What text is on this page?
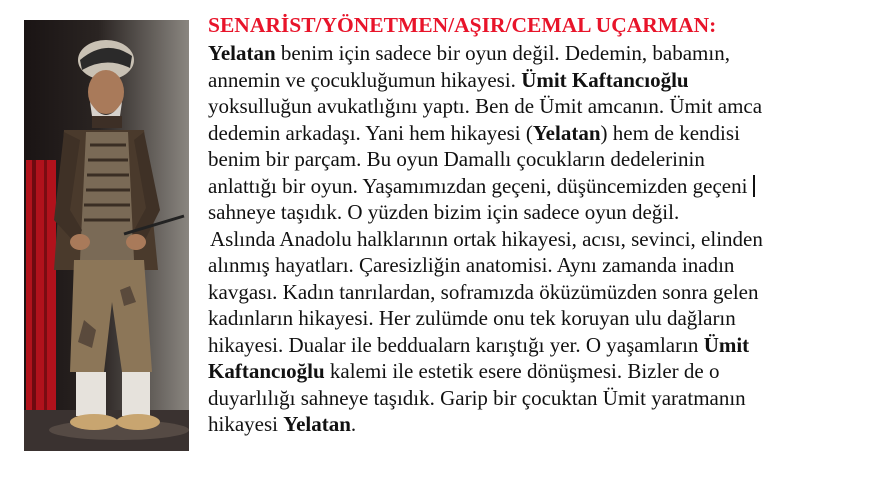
SENARİST/YÖNETMEN/AŞIR/CEMAL UÇARMAN:
Yelatan benim için sadece bir oyun değil. Dedemin, babamın,
annemin ve çocukluğumun hikayesi. Ümit Kaftancıoğlu
yoksulluğun avukatlığını yaptı. Ben de Ümit amcanın. Ümit amca
dedemin arkadaşı. Yani hem hikayesi (Yelatan) hem de kendisi
benim bir parçam. Bu oyun Damallı çocukların dedelerinin
anlattığı bir oyun. Yaşamımızdan geçeni, düşüncemizden geçeni
sahneye taşıdık. O yüzden bizim için sadece oyun değil.
Aslında Anadolu halklarının ortak hikayesi, acısı, sevinci, elinden
alınmış hayatları. Çaresizliğin anatomisi. Aynı zamanda inadın
kavgası. Kadın tanrılardan, soframızda öküzümüzden sonra gelen
kadınların hikayesi. Her zulümde onu tek koruyan ulu dağların
hikayesi. Dualar ile beddualarn karıştığı yer. O yaşamların Ümit
Kaftancıoğlu kalemi ile estetik esere dönüşmesi. Bizler de o
duyarlılığı sahneye taşıdık. Garip bir çocuktan Ümit yaratmanın
hikayesi Yelatan.
